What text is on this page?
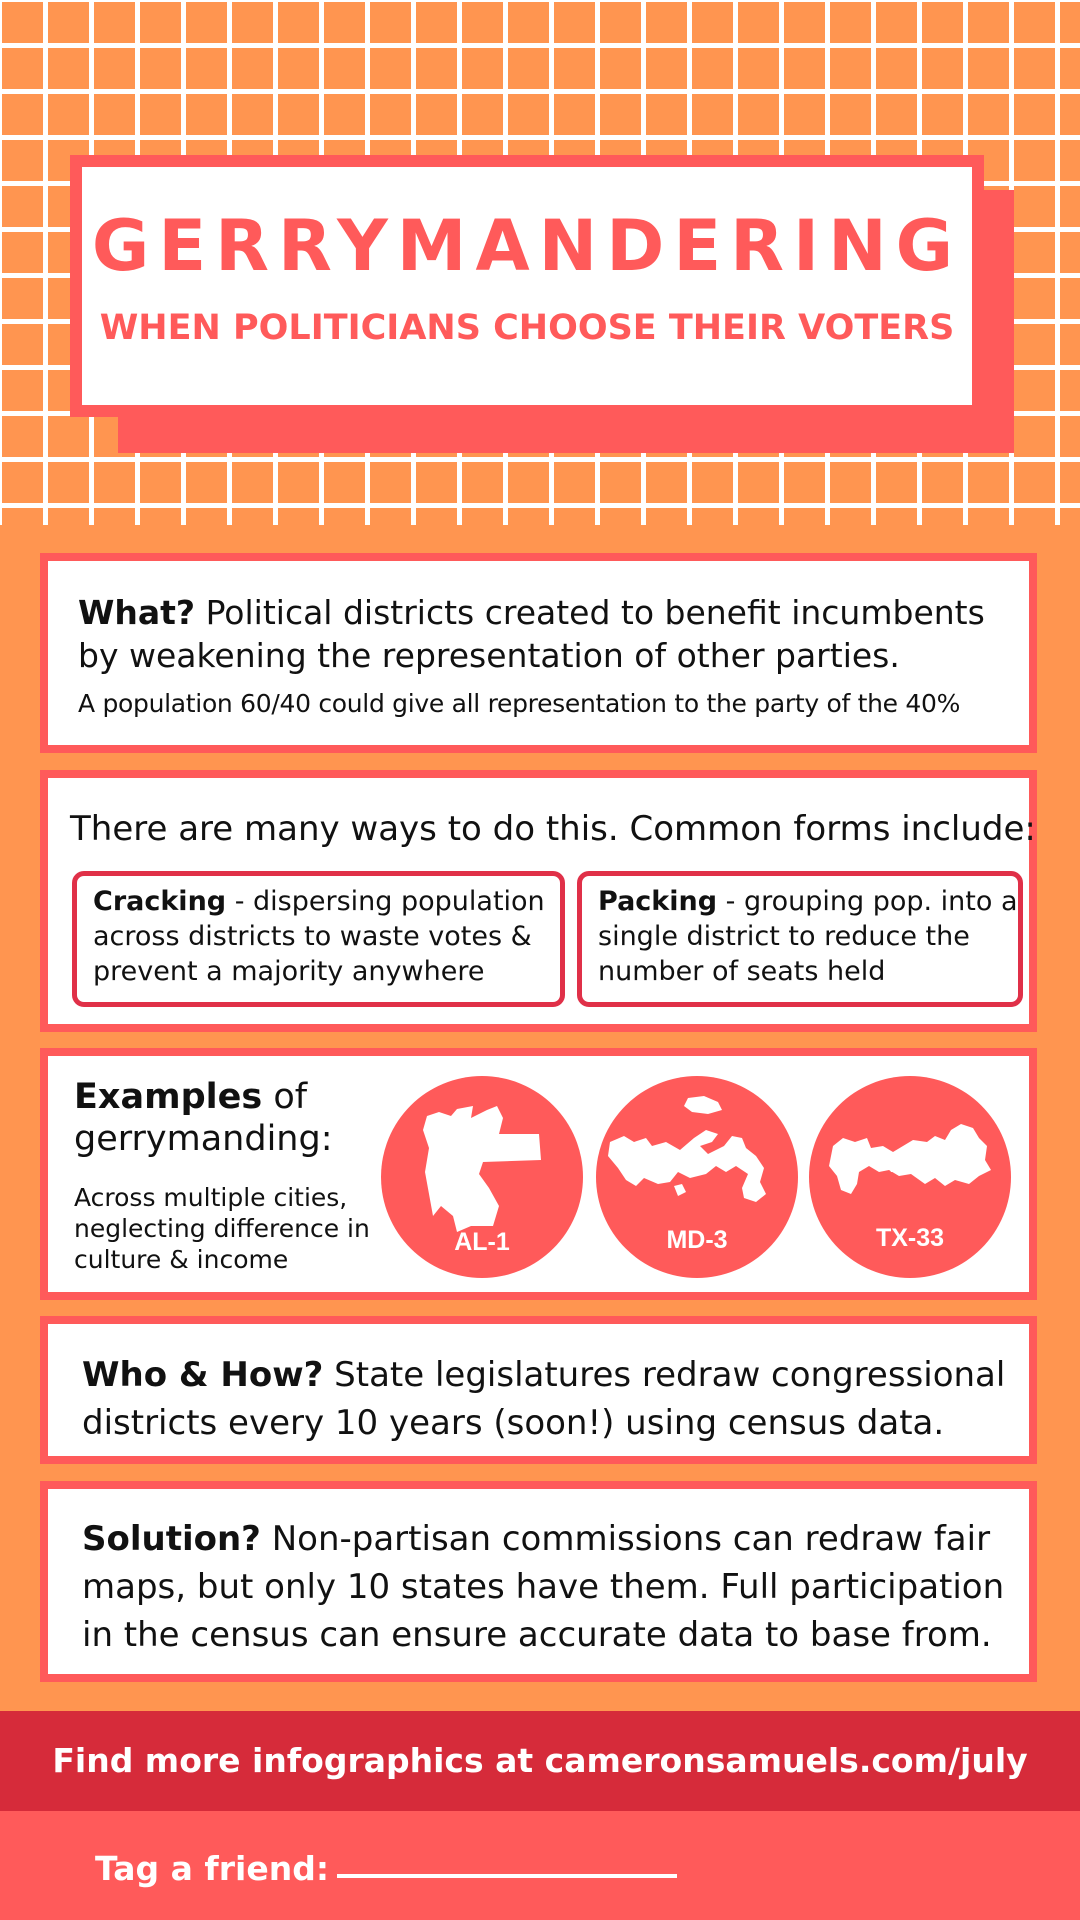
GERRYMANDERING
WHEN POLITICIANS CHOOSE THEIR VOTERS
What? Political districts created to benefit incumbents by weakening the representation of other parties.
A population 60/40 could give all representation to the party of the 40%
There are many ways to do this. Common forms include:
Cracking - dispersing population across districts to waste votes & prevent a majority anywhere
Packing - grouping pop. into a single district to reduce the number of seats held
Examples of gerrymanding:
Across multiple cities, neglecting difference in culture & income
AL-1	MD-3	TX-33
Who & How? State legislatures redraw congressional districts every 10 years (soon!) using census data.
Solution? Non-partisan commissions can redraw fair maps, but only 10 states have them. Full participation in the census can ensure accurate data to base from.
Find more infographics at cameronsamuels.com/july
Tag a friend:
